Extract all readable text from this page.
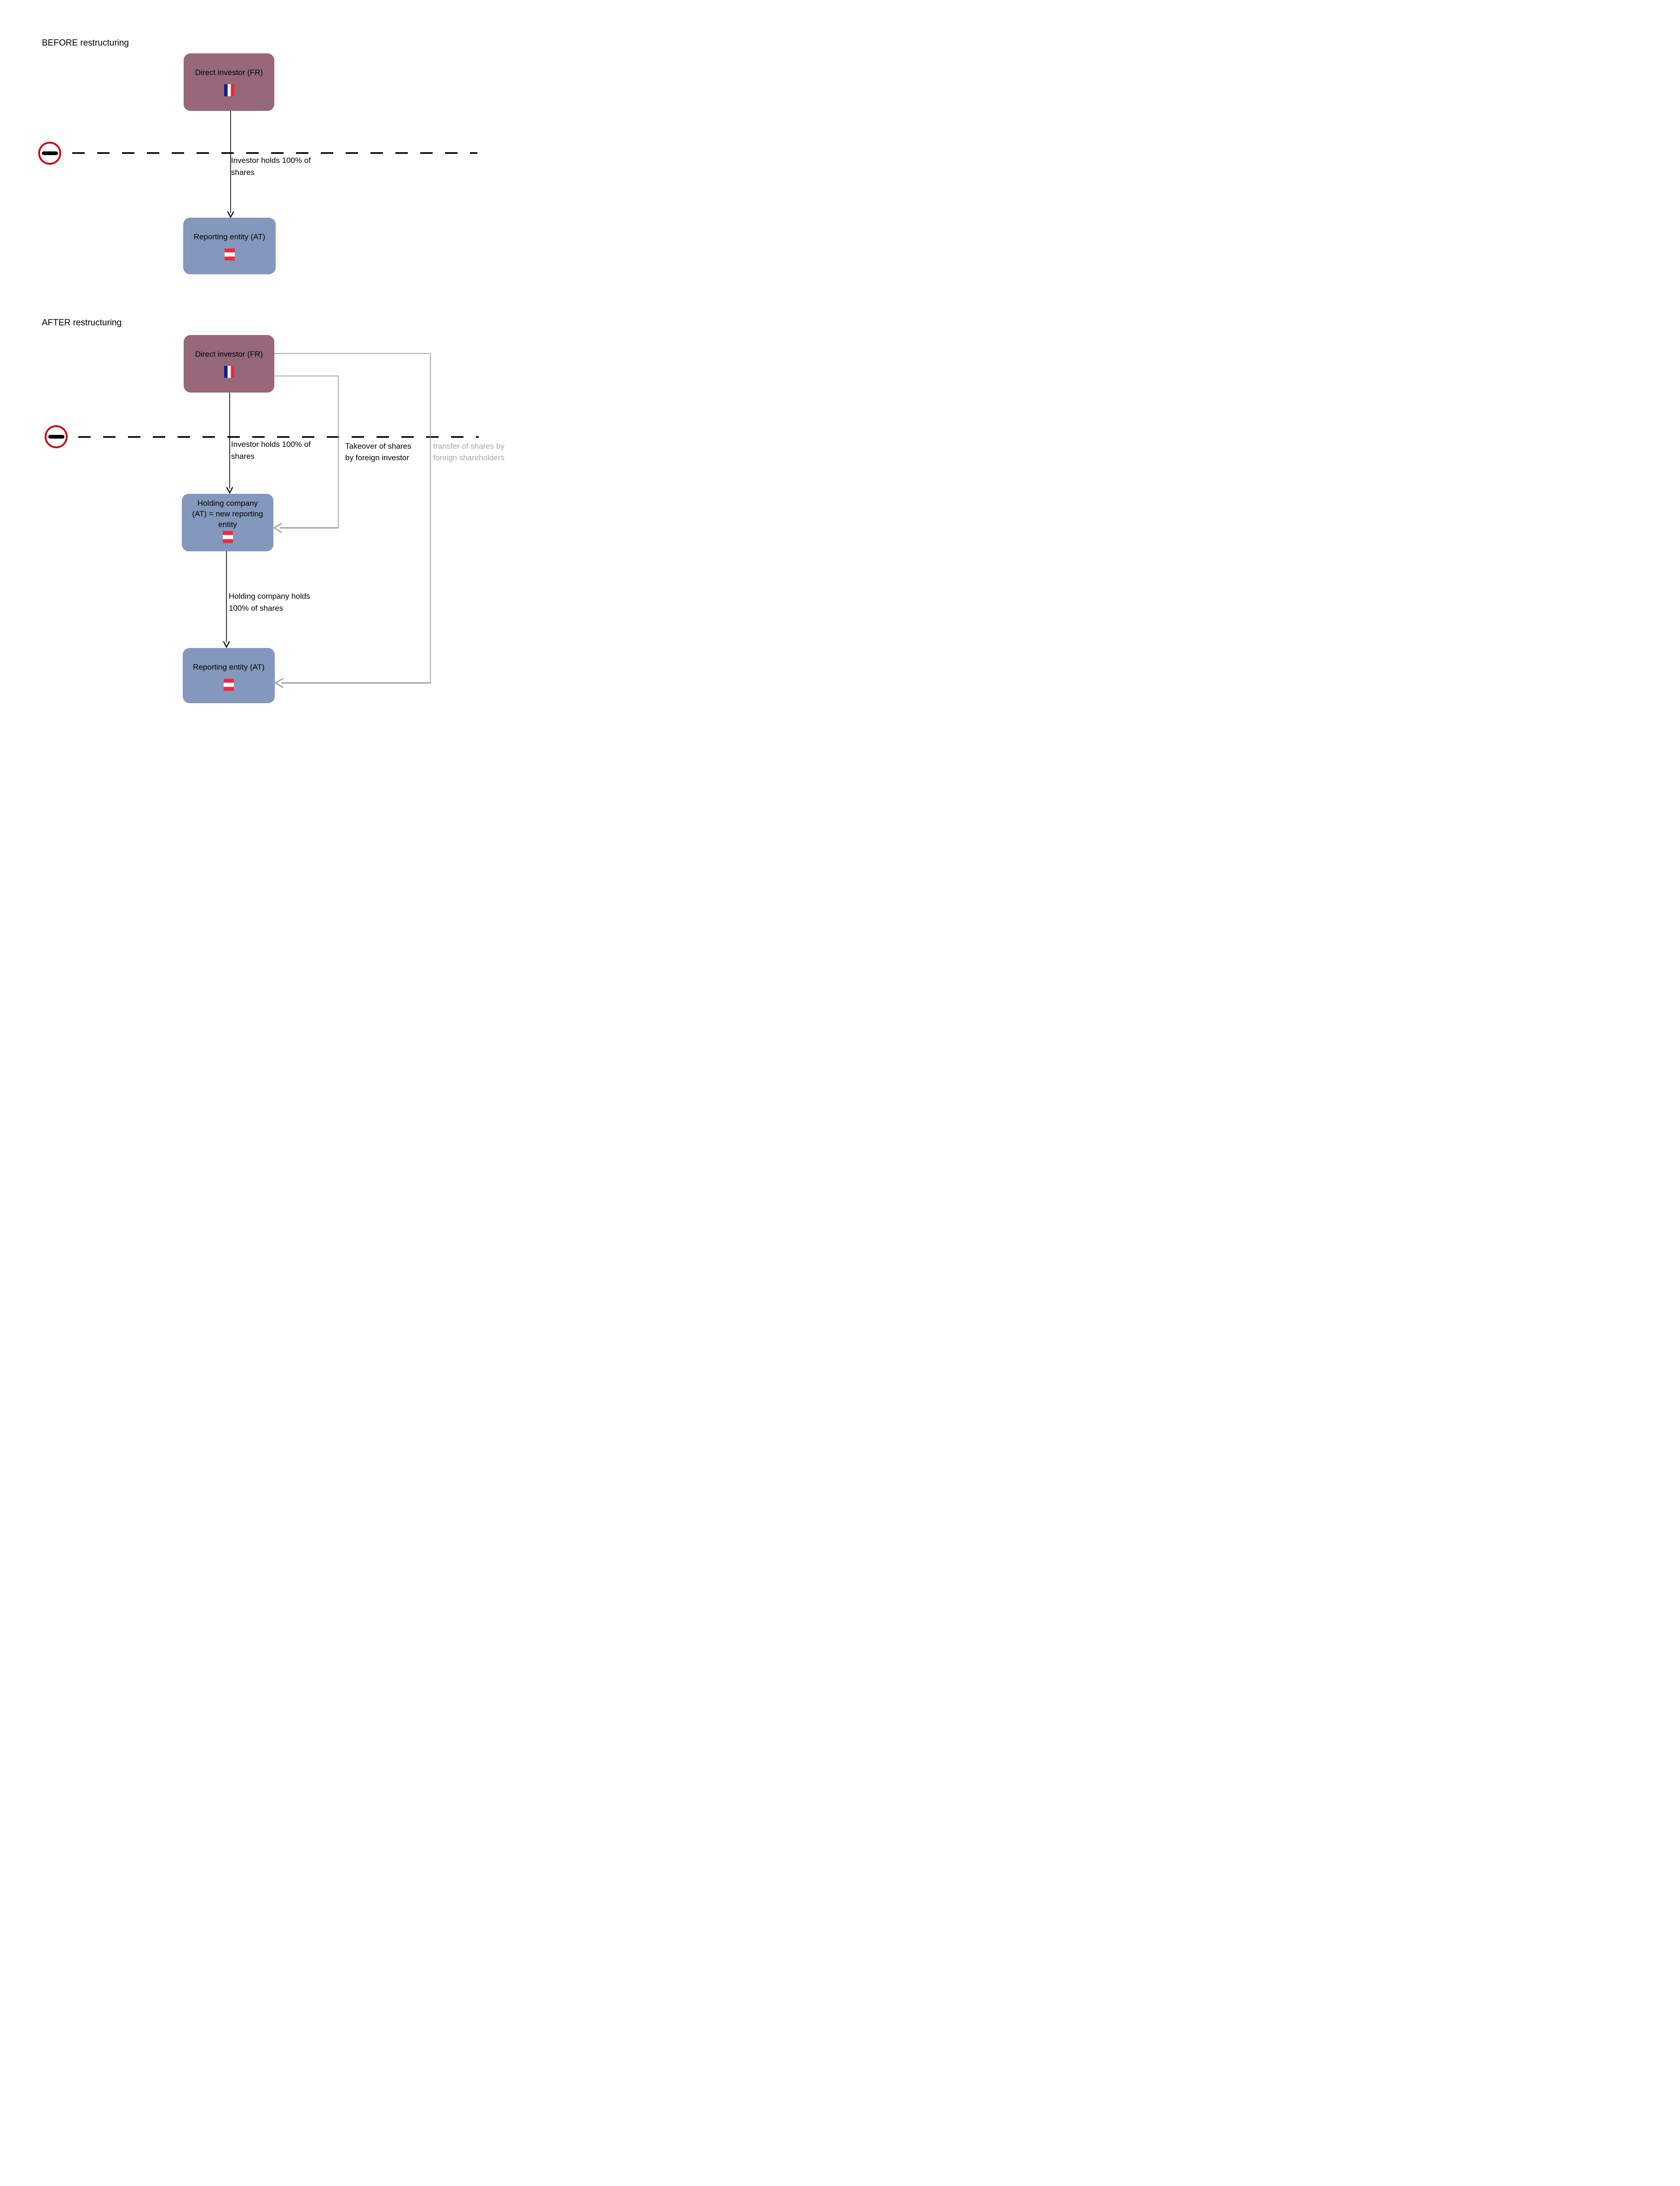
BEFORE restructuring
Direct investor (FR)
Investor holds 100% of
shares
Reporting entity (AT)
AFTER restructuring
Direct investor (FR)
Investor holds 100% of
shares
Takeover of shares
by foreign investor
transfer of shares by
foreign shareholders
Holding company
(AT) = new reporting
entity
Holding company holds
100% of shares
Reporting entity (AT)
